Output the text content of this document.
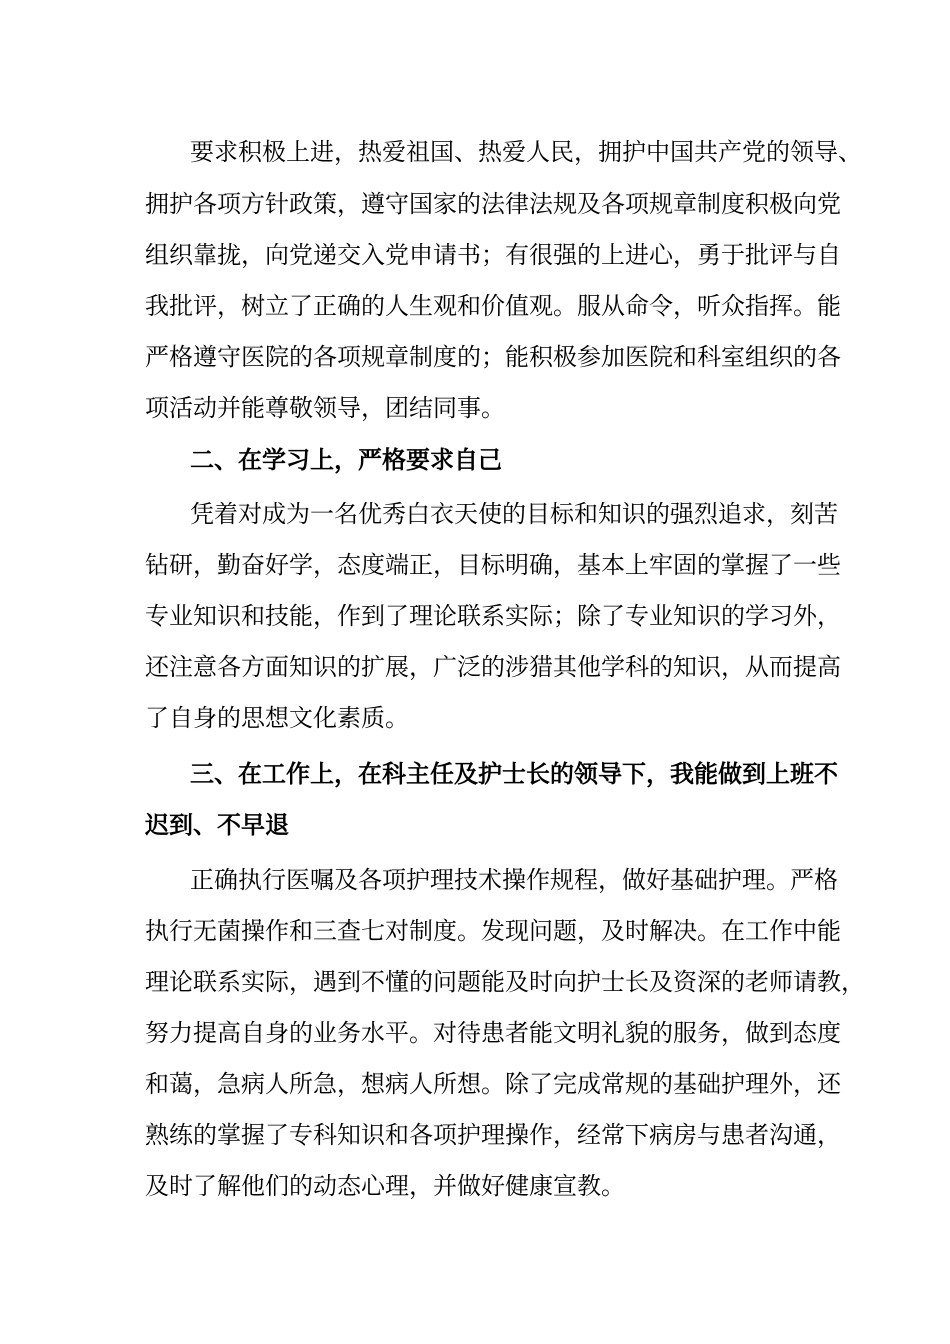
要求积极上进，热爱祖国、热爱人民，拥护中国共产党的领导、
拥护各项方针政策，遵守国家的法律法规及各项规章制度积极向党
组织靠拢，向党递交入党申请书；有很强的上进心，勇于批评与自
我批评，树立了正确的人生观和价值观。服从命令，听众指挥。能
严格遵守医院的各项规章制度的；能积极参加医院和科室组织的各
项活动并能尊敬领导，团结同事。
二、在学习上，严格要求自己
凭着对成为一名优秀白衣天使的目标和知识的强烈追求，刻苦
钻研，勤奋好学，态度端正，目标明确，基本上牢固的掌握了一些
专业知识和技能，作到了理论联系实际；除了专业知识的学习外，
还注意各方面知识的扩展，广泛的涉猎其他学科的知识，从而提高
了自身的思想文化素质。
三、在工作上，在科主任及护士长的领导下，我能做到上班不
迟到、不早退
正确执行医嘱及各项护理技术操作规程，做好基础护理。严格
执行无菌操作和三查七对制度。发现问题，及时解决。在工作中能
理论联系实际，遇到不懂的问题能及时向护士长及资深的老师请教，
努力提高自身的业务水平。对待患者能文明礼貌的服务，做到态度
和蔼，急病人所急，想病人所想。除了完成常规的基础护理外，还
熟练的掌握了专科知识和各项护理操作，经常下病房与患者沟通，
及时了解他们的动态心理，并做好健康宣教。
